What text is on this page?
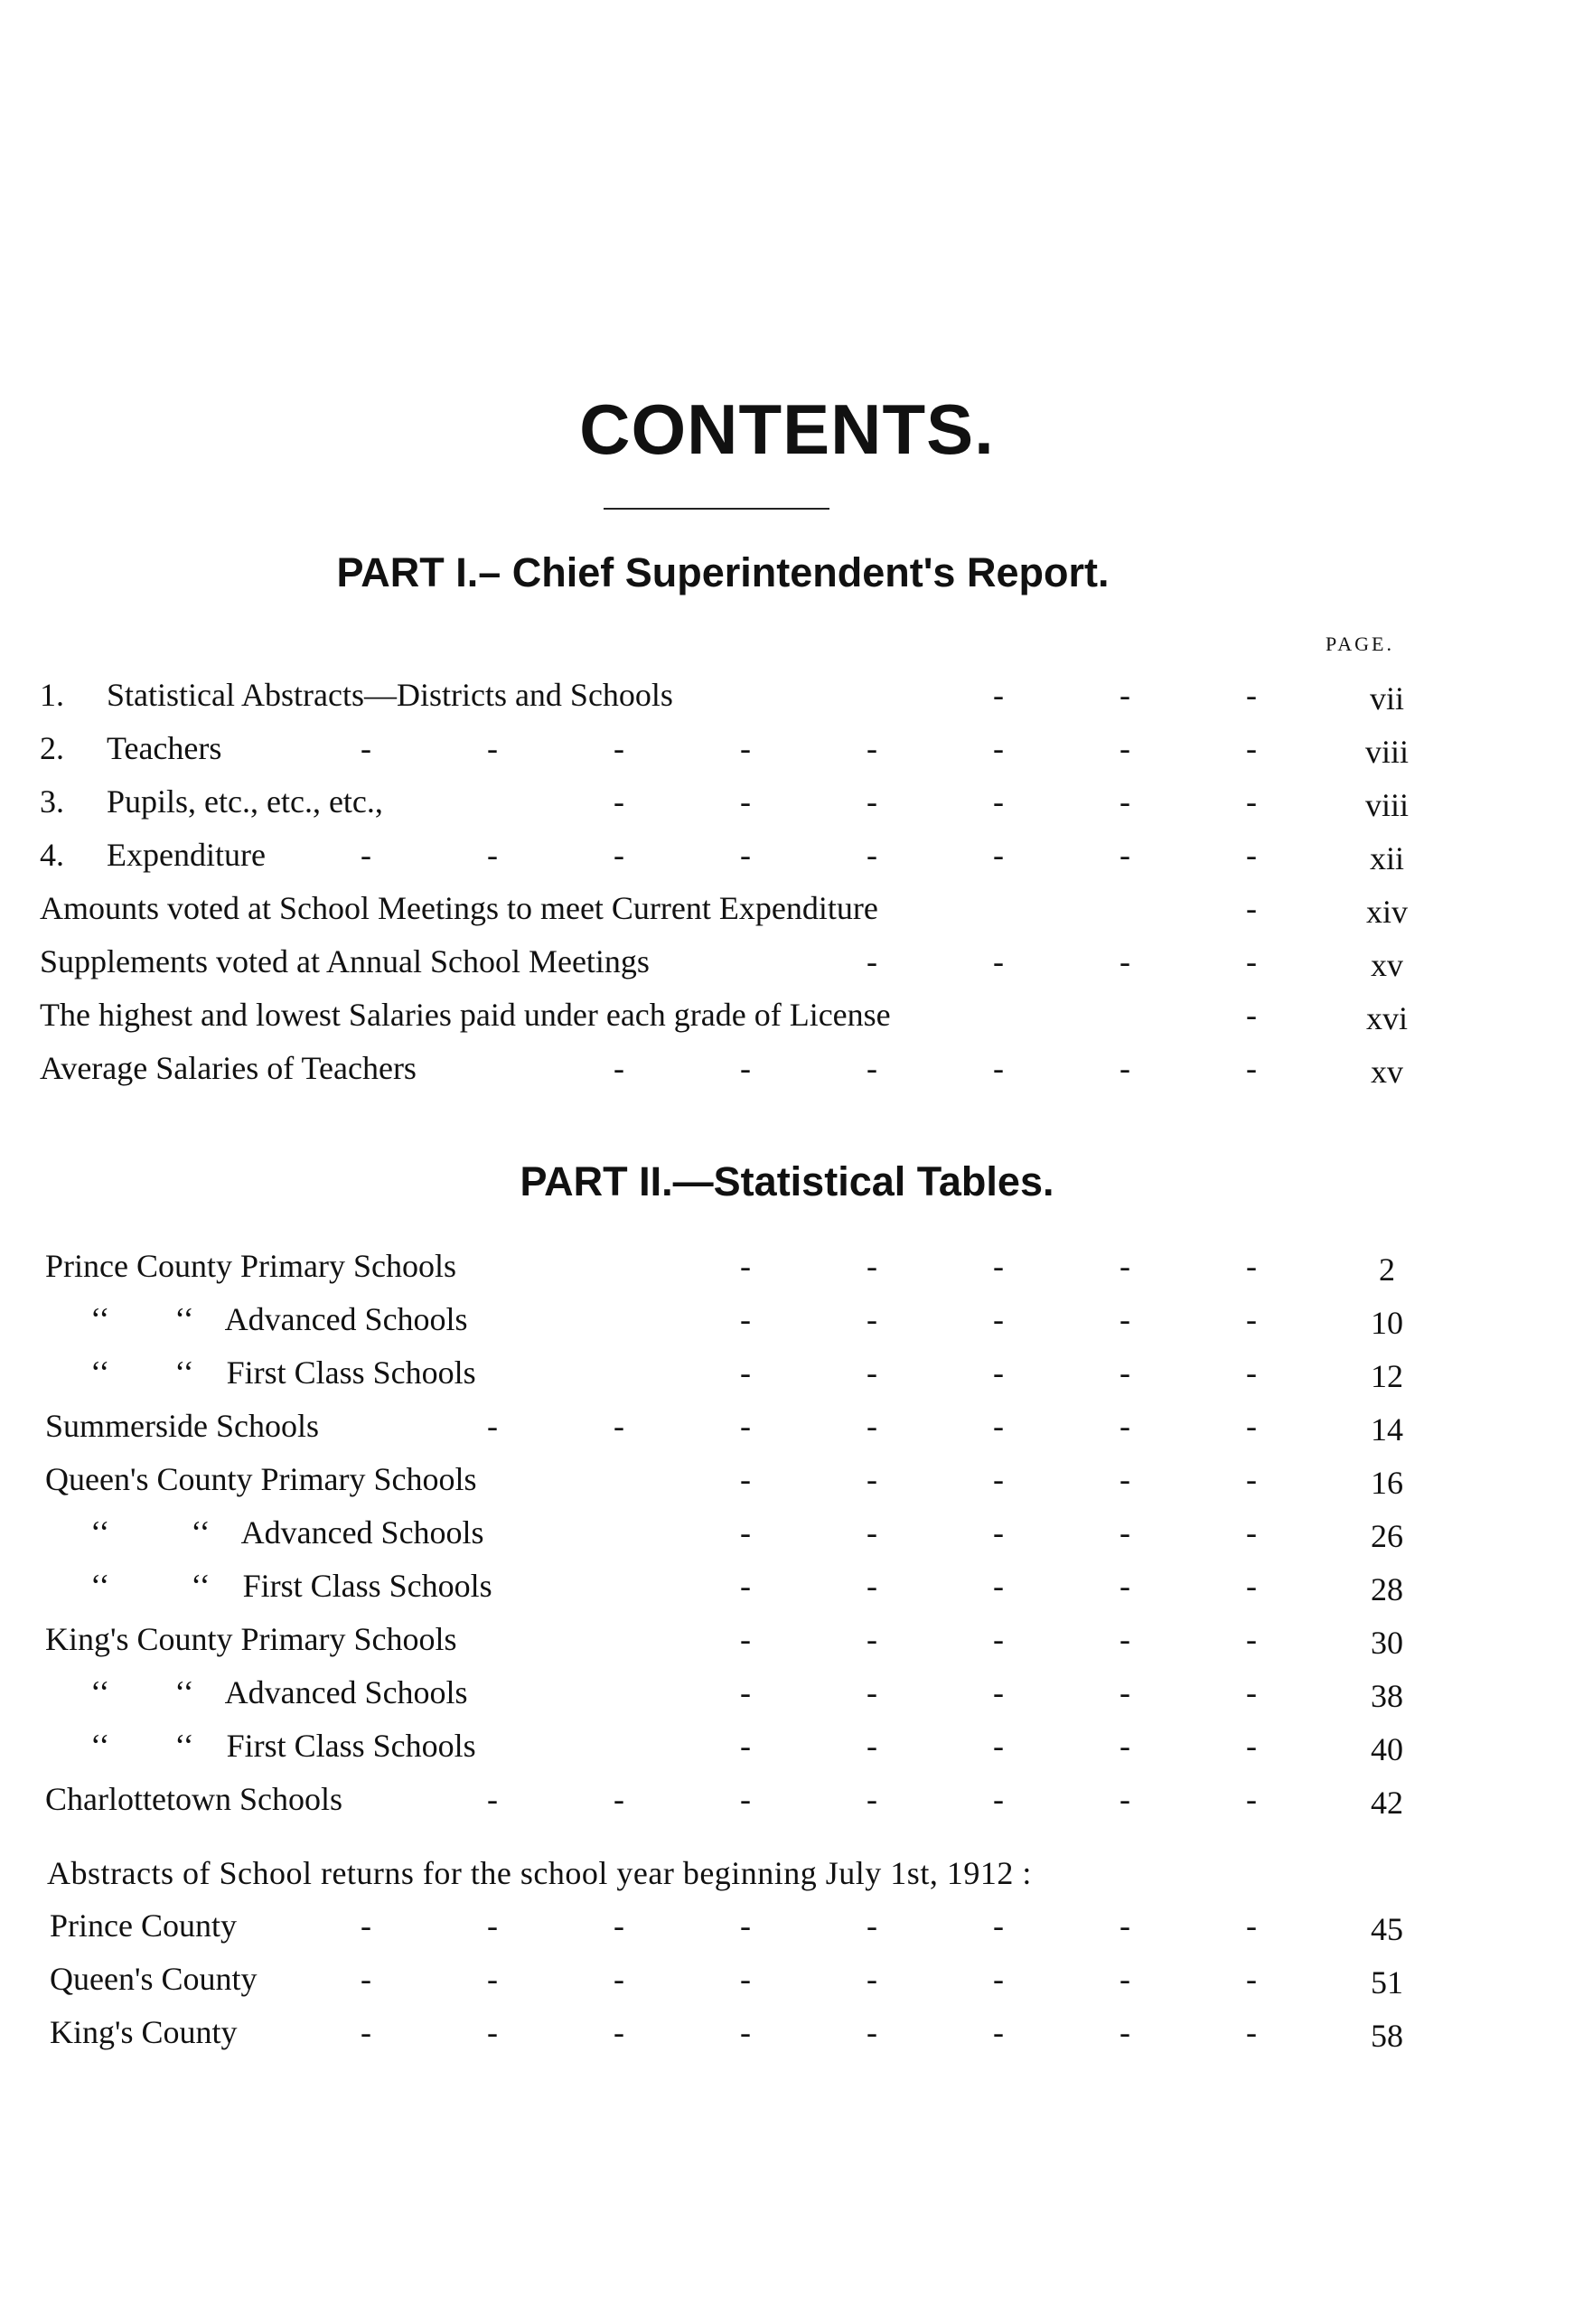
CONTENTS.
PART I.– Chief Superintendent's Report.
PAGE.
1. Statistical Abstracts—Districts and Schools	-	-	-	vii
2. Teachers	-	-	-	-	-	-	-	-	viii
3. Pupils, etc., etc., etc.,	-	-	-	-	-	-	viii
4. Expenditure	-	-	-	-	-	-	-	-	xii
Amounts voted at School Meetings to meet Current Expenditure	-	xiv
Supplements voted at Annual School Meetings	-	-	-	-	xv
The highest and lowest Salaries paid under each grade of License	-	xvi
Average Salaries of Teachers	-	-	-	-	-	-	xv
PART II.—Statistical Tables.
Prince County Primary Schools	-	-	-	-	-	2
‘‘        ‘‘    Advanced Schools	-	-	-	-	-	10
‘‘        ‘‘    First Class Schools	-	-	-	-	-	12
Summerside Schools	-	-	-	-	-	-	-	14
Queen's County Primary Schools	-	-	-	-	-	16
‘‘          ‘‘    Advanced Schools	-	-	-	-	-	26
‘‘          ‘‘    First Class Schools	-	-	-	-	-	28
King's County Primary Schools	-	-	-	-	-	30
‘‘        ‘‘    Advanced Schools	-	-	-	-	-	38
‘‘        ‘‘    First Class Schools	-	-	-	-	-	40
Charlottetown Schools	-	-	-	-	-	-	-	42
Abstracts of School returns for the school year beginning July 1st, 1912 :
Prince County	-	-	-	-	-	-	-	-	45
Queen's County	-	-	-	-	-	-	-	-	51
King's County	-	-	-	-	-	-	-	-	58
